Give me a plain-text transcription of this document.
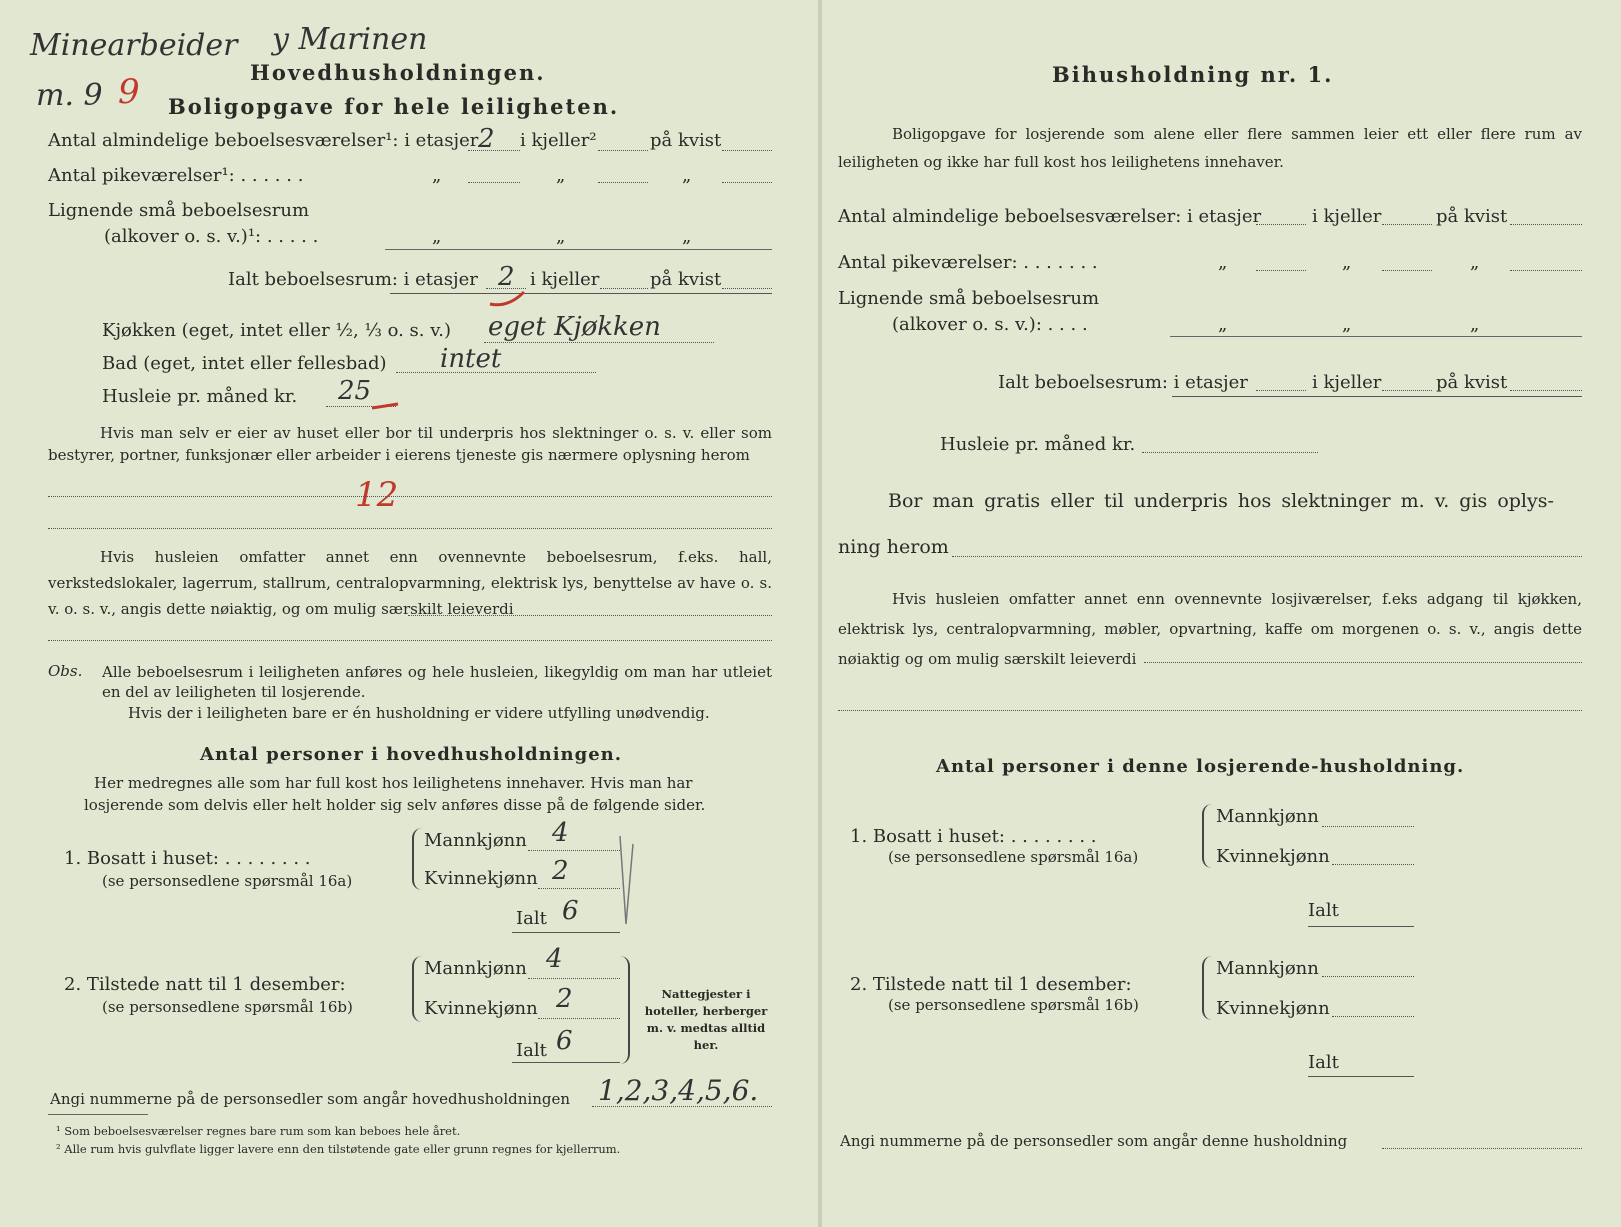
Minearbeider y Marinen
m. 9 9	Hovedhusholdningen.
Boligopgave for hele leiligheten.
Antal almindelige beboelsesværelser¹: i etasjer 2 i kjeller²	på kvist
Antal pikeværelser¹: . . . . . .	„	„	„
Lignende små beboelsesrum
(alkover o. s. v.)¹: . . . . .	„	„	„
Ialt beboelsesrum: i etasjer 2 i kjeller	på kvist
Kjøkken (eget, intet eller ½, ⅓ o. s. v.) eget Kjøkken
Bad (eget, intet eller fellesbad) intet
Husleie pr. måned kr. 25
Hvis man selv er eier av huset eller bor til underpris hos slektninger o. s. v. eller som bestyrer, portner, funksjonær eller arbeider i eierens tjeneste gis nærmere oplysning herom
12
Hvis husleien omfatter annet enn ovennevnte beboelsesrum, f.eks. hall, verkstedslokaler, lagerrum, stallrum, centralopvarmning, elektrisk lys, benyttelse av have o. s. v. o. s. v., angis dette nøiaktig, og om mulig særskilt leieverdi
Obs. Alle beboelsesrum i leiligheten anføres og hele husleien, likegyldig om man har utleiet en del av leiligheten til losjerende.
Hvis der i leiligheten bare er én husholdning er videre utfylling unødvendig.
Antal personer i hovedhusholdningen.
Her medregnes alle som har full kost hos leilighetens innehaver. Hvis man har
losjerende som delvis eller helt holder sig selv anføres disse på de følgende sider.
1. Bosatt i huset: . . . . . . . .
(se personsedlene spørsmål 16a)
Mannkjønn 4
Kvinnekjønn 2
Ialt 6
2. Tilstede natt til 1 desember:
(se personsedlene spørsmål 16b)
Mannkjønn 4
Kvinnekjønn 2
Ialt 6
Nattegjester i hoteller, herberger m. v. medtas alltid her.
Angi nummerne på de personsedler som angår hovedhusholdningen 1,2,3,4,5,6.
¹ Som beboelsesværelser regnes bare rum som kan beboes hele året.
² Alle rum hvis gulvflate ligger lavere enn den tilstøtende gate eller grunn regnes for kjellerrum.
Bihusholdning nr. 1.
Boligopgave for losjerende som alene eller flere sammen leier ett eller flere rum av leiligheten og ikke har full kost hos leilighetens innehaver.
Antal almindelige beboelsesværelser: i etasjer	i kjeller	på kvist
Antal pikeværelser: . . . . . . .	„	„	„
Lignende små beboelsesrum
(alkover o. s. v.): . . . .	„	„	„
Ialt beboelsesrum: i etasjer	i kjeller	på kvist
Husleie pr. måned kr.
Bor man gratis eller til underpris hos slektninger m. v. gis oplys-
ning herom
Hvis husleien omfatter annet enn ovennevnte losjiværelser, f.eks adgang til kjøkken, elektrisk lys, centralopvarmning, møbler, opvartning, kaffe om morgenen o. s. v., angis dette nøiaktig og om mulig særskilt leieverdi
Antal personer i denne losjerende-husholdning.
1. Bosatt i huset: . . . . . . . .
(se personsedlene spørsmål 16a)
Mannkjønn
Kvinnekjønn
Ialt
2. Tilstede natt til 1 desember:
(se personsedlene spørsmål 16b)
Mannkjønn
Kvinnekjønn
Ialt
Angi nummerne på de personsedler som angår denne husholdning
